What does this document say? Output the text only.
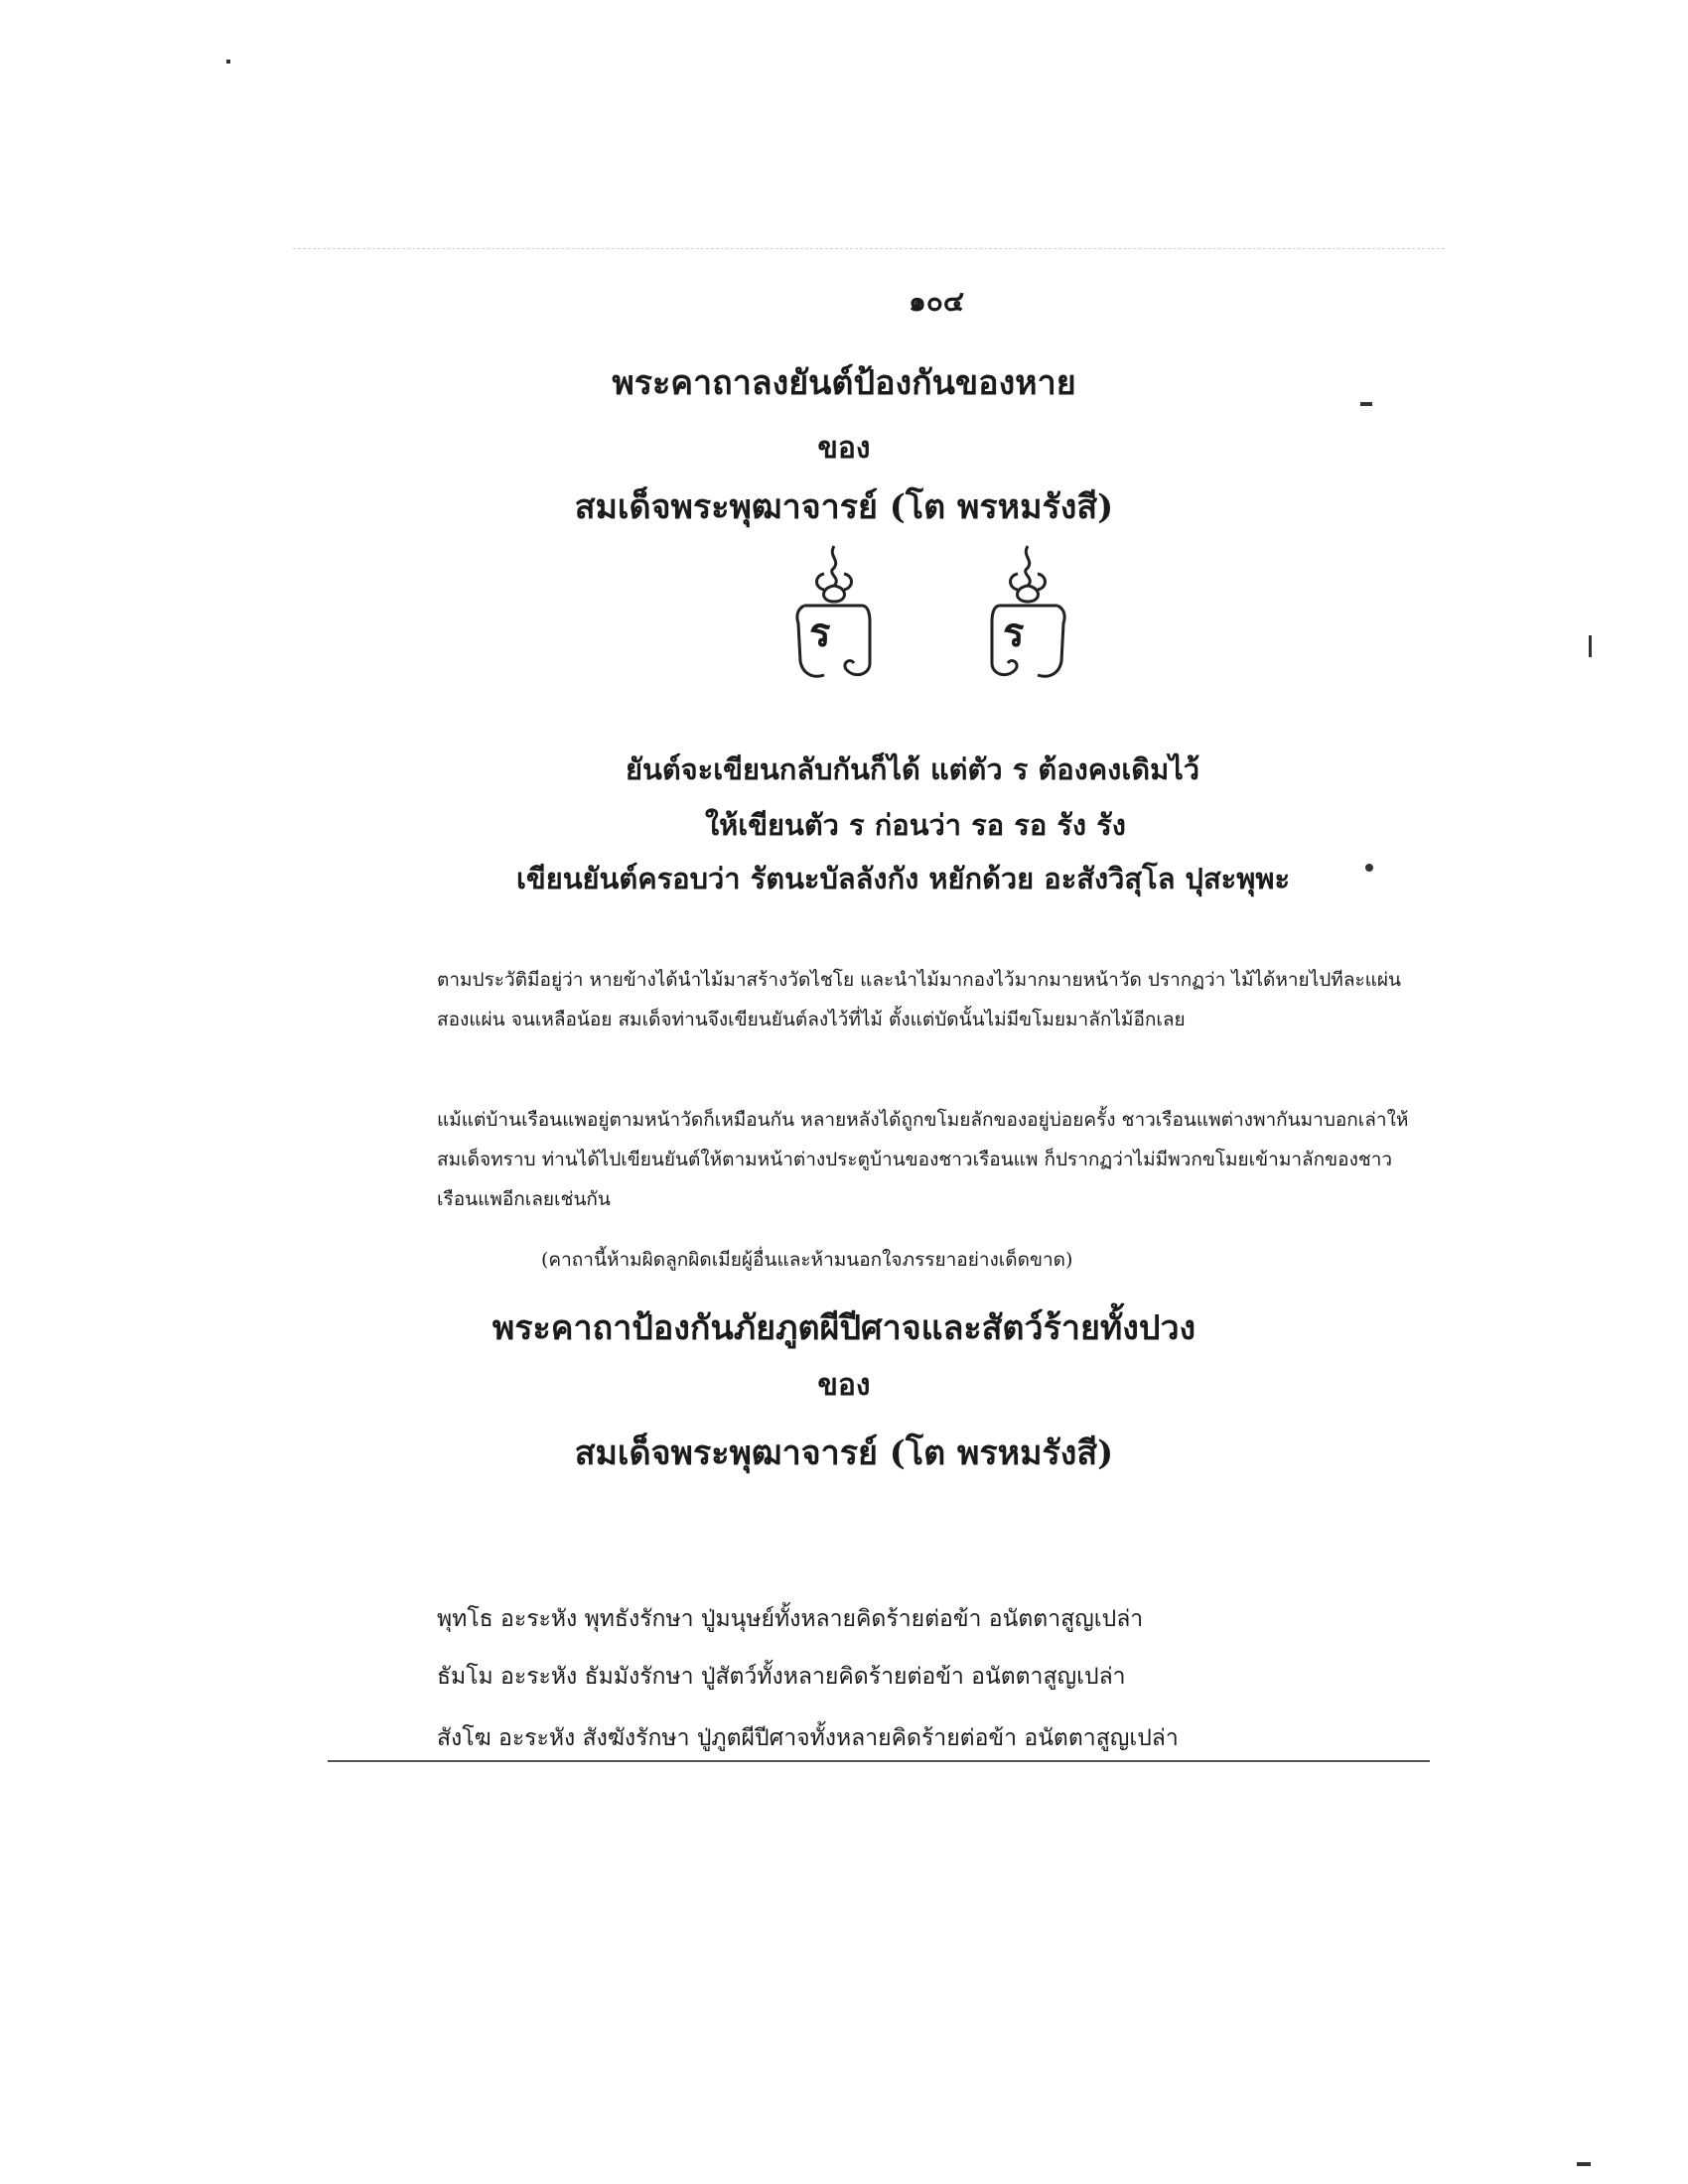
๑๐๔
พระคาถาลงยันต์ป้องกันของหาย
ของ
สมเด็จพระพุฒาจารย์ (โต พรหมรังสี)
ร	ร
ยันต์จะเขียนกลับกันก็ได้ แต่ตัว ร ต้องคงเดิมไว้
ให้เขียนตัว ร ก่อนว่า รอ รอ รัง รัง
เขียนยันต์ครอบว่า รัตนะบัลลังกัง หยักด้วย อะสังวิสุโล ปุสะพุพะ
ตามประวัติมีอยู่ว่า หายข้างได้นำไม้มาสร้างวัดไชโย และนำไม้มากองไว้มากมายหน้าวัด ปรากฏว่า ไม้ได้หายไปทีละแผ่นสองแผ่น จนเหลือน้อย สมเด็จท่านจึงเขียนยันต์ลงไว้ที่ไม้ ตั้งแต่บัดนั้นไม่มีขโมยมาลักไม้อีกเลย
แม้แต่บ้านเรือนแพอยู่ตามหน้าวัดก็เหมือนกัน หลายหลังได้ถูกขโมยลักของอยู่บ่อยครั้ง ชาวเรือนแพต่างพากันมาบอกเล่าให้สมเด็จทราบ ท่านได้ไปเขียนยันต์ให้ตามหน้าต่างประตูบ้านของชาวเรือนแพ ก็ปรากฏว่าไม่มีพวกขโมยเข้ามาลักของชาวเรือนแพอีกเลยเช่นกัน
(คาถานี้ห้ามผิดลูกผิดเมียผู้อื่นและห้ามนอกใจภรรยาอย่างเด็ดขาด)
พระคาถาป้องกันภัยภูตผีปีศาจและสัตว์ร้ายทั้งปวง
ของ
สมเด็จพระพุฒาจารย์ (โต พรหมรังสี)
พุทโธ อะระหัง พุทธังรักษา ปู่มนุษย์ทั้งหลายคิดร้ายต่อข้า อนัตตาสูญเปล่า
ธัมโม อะระหัง ธัมมังรักษา ปู่สัตว์ทั้งหลายคิดร้ายต่อข้า อนัตตาสูญเปล่า
สังโฆ อะระหัง สังฆังรักษา ปู่ภูตผีปีศาจทั้งหลายคิดร้ายต่อข้า อนัตตาสูญเปล่า
